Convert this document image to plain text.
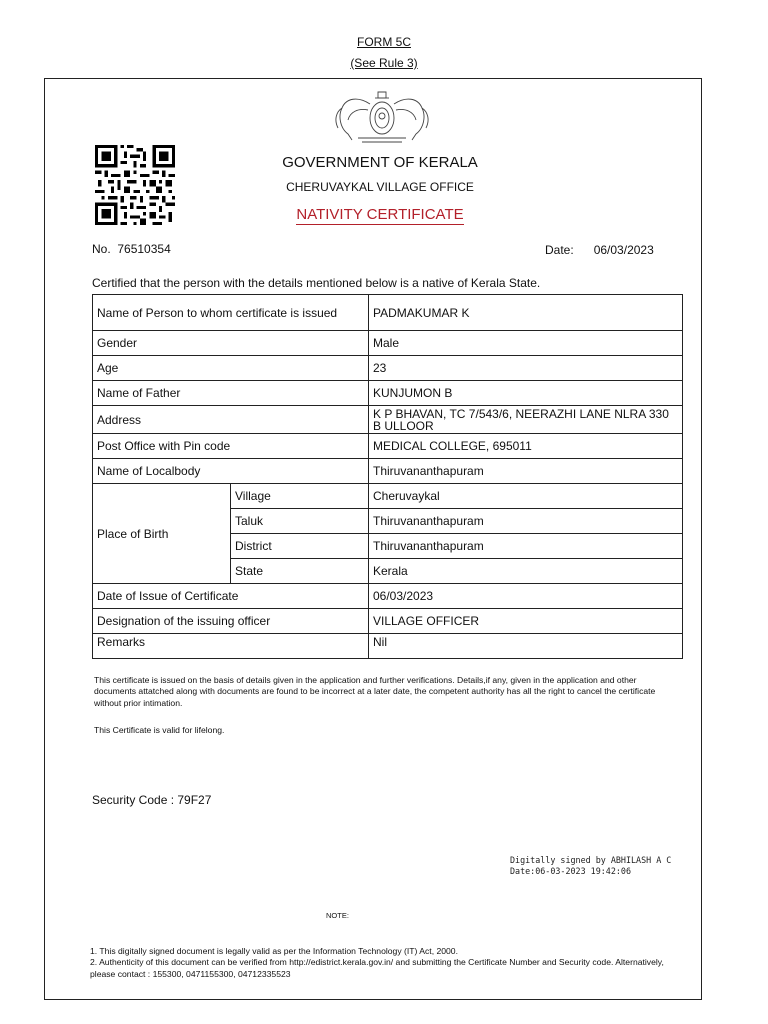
FORM 5C
(See Rule 3)
GOVERNMENT OF KERALA
CHERUVAYKAL VILLAGE OFFICE
NATIVITY CERTIFICATE
No. 76510354	Date: 06/03/2023
Certified that the person with the details mentioned below is a native of Kerala State.
Name of Person to whom certificate is issued		PADMAKUMAR K
Gender		Male
Age		23
Name of Father		KUNJUMON B
Address		K P BHAVAN, TC 7/543/6, NEERAZHI LANE NLRA 330 B ULLOOR
Post Office with Pin code		MEDICAL COLLEGE, 695011
Name of Localbody		Thiruvananthapuram
Place of Birth	Village	Cheruvaykal
	Taluk	Thiruvananthapuram
	District	Thiruvananthapuram
	State	Kerala
Date of Issue of Certificate		06/03/2023
Designation of the issuing officer		VILLAGE OFFICER
Remarks		Nil
This certificate is issued on the basis of details given in the application and further verifications. Details,if any, given in the application and other documents attatched along with documents are found to be incorrect at a later date, the competent authority has all the right to cancel the certificate without prior intimation.
This Certificate is valid for lifelong.
Security Code : 79F27
Digitally signed by ABHILASH A C
Date:06-03-2023 19:42:06
NOTE:
1. This digitally signed document is legally valid as per the Information Technology (IT) Act, 2000.
2. Authenticity of this document can be verified from http://edistrict.kerala.gov.in/ and submitting the Certificate Number and Security code. Alternatively, please contact : 155300, 0471155300, 04712335523
